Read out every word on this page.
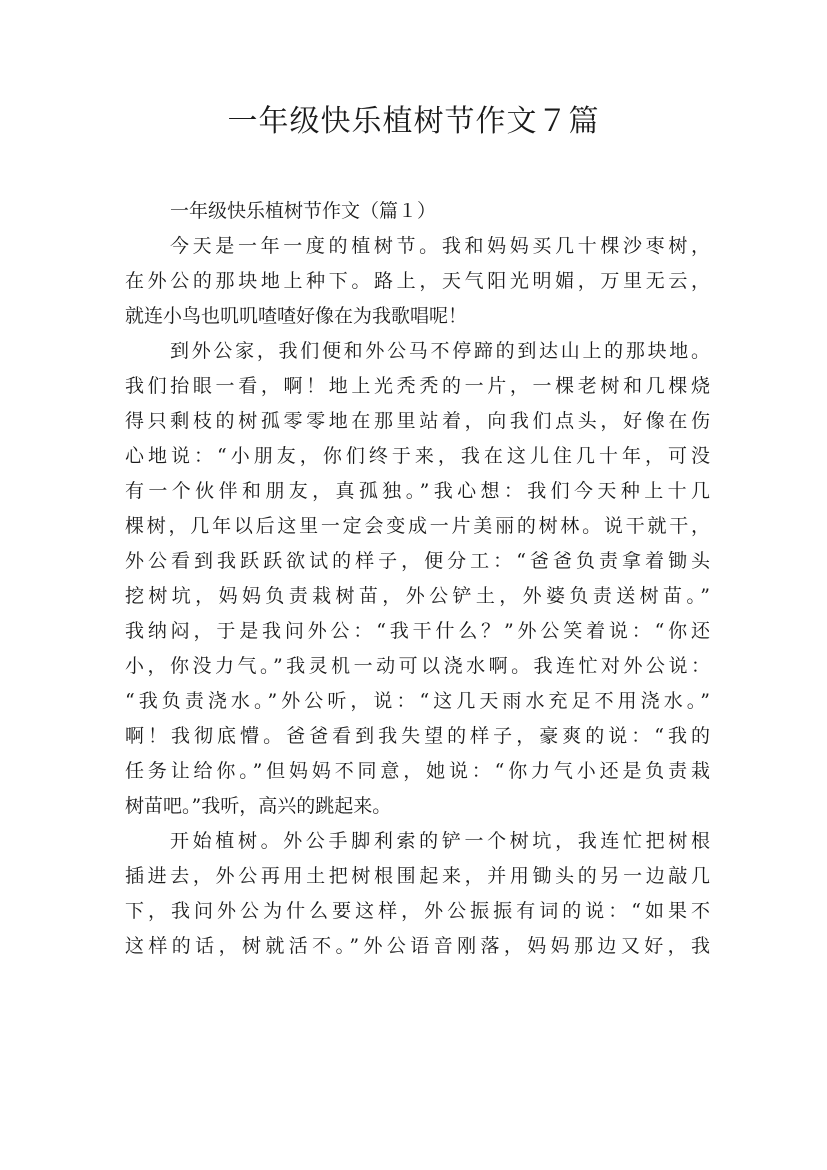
一年级快乐植树节作文７篇
一年级快乐植树节作文（篇１）
今天是一年一度的植树节。我和妈妈买几十棵沙枣树，
在外公的那块地上种下。路上，天气阳光明媚，万里无云，
就连小鸟也叽叽喳喳好像在为我歌唱呢！
到外公家，我们便和外公马不停蹄的到达山上的那块地。
我们抬眼一看，啊！地上光秃秃的一片，一棵老树和几棵烧
得只剩枝的树孤零零地在那里站着，向我们点头，好像在伤
心地说：“小朋友，你们终于来，我在这儿住几十年，可没
有一个伙伴和朋友，真孤独。”我心想：我们今天种上十几
棵树，几年以后这里一定会变成一片美丽的树林。说干就干，
外公看到我跃跃欲试的样子，便分工：“爸爸负责拿着锄头
挖树坑，妈妈负责栽树苗，外公铲土，外婆负责送树苗。”
我纳闷，于是我问外公：“我干什么？”外公笑着说：“你还
小，你没力气。”我灵机一动可以浇水啊。我连忙对外公说：
“我负责浇水。”外公听，说：“这几天雨水充足不用浇水。”
啊！我彻底懵。爸爸看到我失望的样子，豪爽的说：“我的
任务让给你。”但妈妈不同意，她说：“你力气小还是负责栽
树苗吧。”我听，高兴的跳起来。
开始植树。外公手脚利索的铲一个树坑，我连忙把树根
插进去，外公再用土把树根围起来，并用锄头的另一边敲几
下，我问外公为什么要这样，外公振振有词的说：“如果不
这样的话，树就活不。”外公语音刚落，妈妈那边又好，我
